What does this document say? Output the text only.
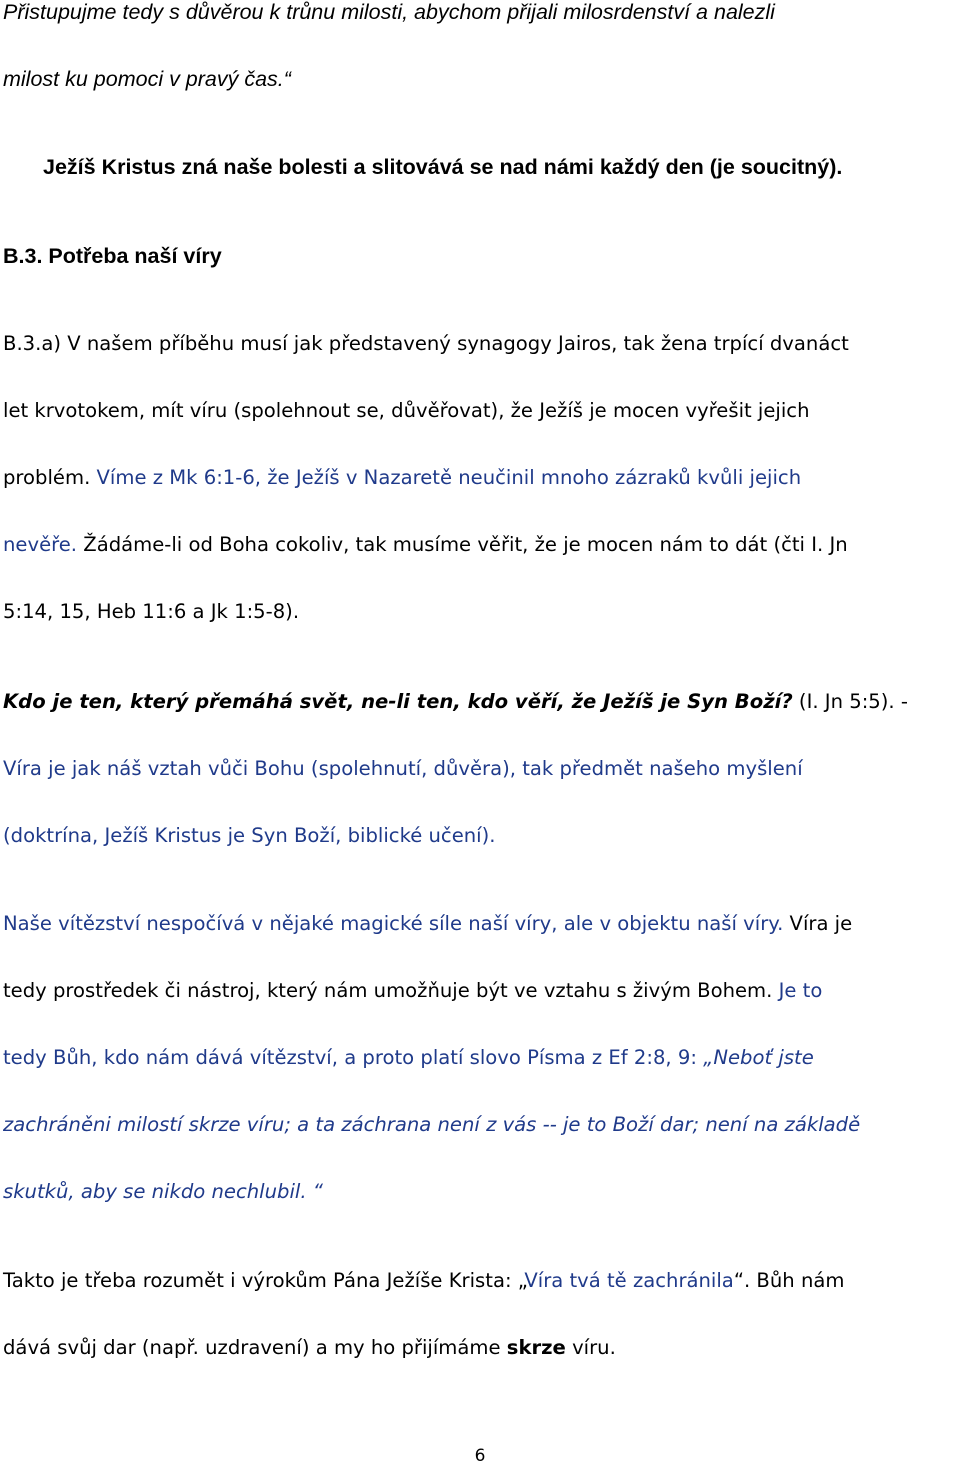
Přistupujme tedy s důvěrou k trůnu milosti, abychom přijali milosrdenství a nalezli
milost ku pomoci v pravý čas.“
Ježíš Kristus zná naše bolesti a slitovává se nad námi každý den (je soucitný).
B.3. Potřeba naší víry
B.3.a) V našem příběhu musí jak představený synagogy Jairos, tak žena trpící dvanáct
let krvotokem, mít víru (spolehnout se, důvěřovat), že Ježíš je mocen vyřešit jejich
problém. Víme z Mk 6:1-6, že Ježíš v Nazaretě neučinil mnoho zázraků kvůli jejich
nevěře. Žádáme-li od Boha cokoliv, tak musíme věřit, že je mocen nám to dát (čti I. Jn
5:14, 15, Heb 11:6 a Jk 1:5-8).
Kdo je ten, který přemáhá svět, ne-li ten, kdo věří, že Ježíš je Syn Boží? (I. Jn 5:5). -
Víra je jak náš vztah vůči Bohu (spolehnutí, důvěra), tak předmět našeho myšlení
(doktrína, Ježíš Kristus je Syn Boží, biblické učení).
Naše vítězství nespočívá v nějaké magické síle naší víry, ale v objektu naší víry. Víra je
tedy prostředek či nástroj, který nám umožňuje být ve vztahu s živým Bohem. Je to
tedy Bůh, kdo nám dává vítězství, a proto platí slovo Písma z Ef 2:8, 9: „Neboť jste
zachráněni milostí skrze víru; a ta záchrana není z vás -- je to Boží dar; není na základě
skutků, aby se nikdo nechlubil. “
Takto je třeba rozumět i výrokům Pána Ježíše Krista: „Víra tvá tě zachránila“. Bůh nám
dává svůj dar (např. uzdravení) a my ho přijímáme skrze víru.
6
